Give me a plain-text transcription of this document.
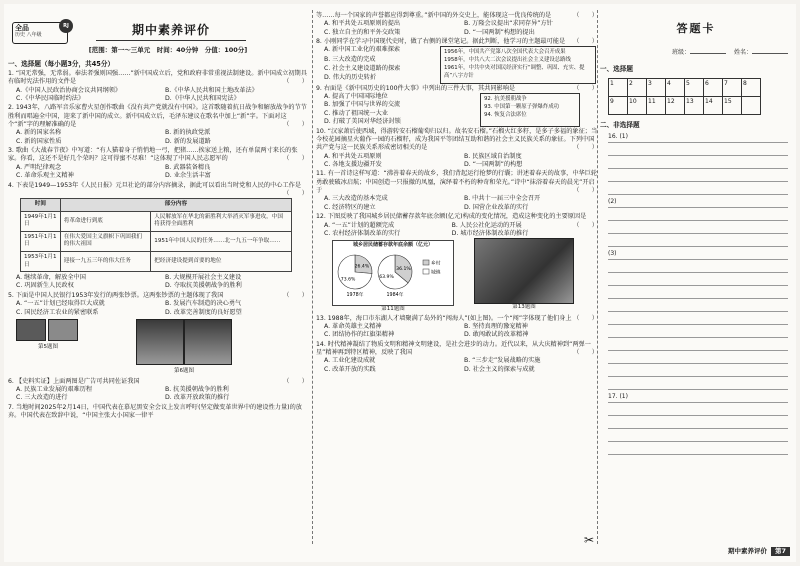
全品
历史 八年级
RJ	期中素养评价
[范围：第一～三单元　时间：40分钟　分值：100分]
一、选择题（每小题3分，共45分）
1. “国无常强，无常弱。奉法者强则国强……”新中国成立后，党和政府非常重视法制建设。新中国成立初期具有临时宪法作用的文件是	（　　）
A.《中国人民政治协商会议共同纲领》	B.《中华人民共和国土地改革法》
C.《中华民国临时约法》	D.《中华人民共和国宪法》
2. 1943年，八路军音乐家曹火星创作歌曲《没有共产党就没有中国》。这首歌随着抗日战争和解放战争的节节胜利而唱遍全中国，迎来了新中国的成立。新中国成立后，毛泽东建议在歌名中加上“新”字。下面对这个“新”字的理解准确的是	（　　）
A. 新的国家名称	B. 新的执政党派
C. 新的国家性质	D. 新的发展道路
3. 歌曲《大战春节夜》中写道：“有人猫着身子悄悄地一弓，把猪……挨家送上粮，还有单鼠两寸来长的张家。你看，这还不是好几个荣吗？这可得蜜不尽难！”这体现了中国人民志愿军的	（　　）
A. 严明纪律观念	B. 武器装备精良
C. 革命乐观主义精神	D. 业余生活丰富
4. 下表是1949—1953年《人民日报》元旦社论的部分内容摘录，据此可以看出当时党和人民的中心工作是
（　　）
时间	部分内容	
1949年1月1日	将革命进行到底	人民解放军在华北的新胜利大举消灭军事进攻，中国将获得全面胜利
1951年1月1日	在伟大爱国主义旗帜下巩固我们的伟大祖国	1951年中国人民的任务……北一九五一年争取……
1953年1月1日	迎接一九五三年的伟大任务	把经济建设提到首要的地位
A. 继续革命，解放全中国	B. 大规模开展社会主义建设
C. 巩固新生人民政权	D. 夺取抗美援朝战争的胜利
5. 下面是中国人民银行1953年发行的两张钞票。这两张钞票的主题体现了我国	（　　）
A. “一五”计划已经取得巨大成就	B. 发展汽车制造的决心勇气
C. 国民经济工农业的紧密联系	D. 改革完善制度的良好愿望
第5题图
第6题图
6. 【史料实证】上面两图是广告可共同佐证我国	（　　）
A. 民族工业发展的艰难历程	B. 抗美援朝战争的胜利
C. 三大改造的进行	D. 改革开放政策的推行
7. 当地时间2025年2月14日，中国代表在慕尼黑安全会议上发言呼吁(坚定做变革世界中的建设性力量)的放弃。中国代表在致辞中说，“中国主张大小国家一律平
等……每一个国家的声誉都应得到尊重。”新中国的外交史上，能体现这一优良传统的是	（　　）
A. 和平共处五项原则的提出	B. 万隆会议提出“求同存异”方针
C. 独立自主的和平外交政策	D. “一国两制”构想的提出
8. 小刚同学在学习中国现代史时，做了右侧的课堂笔记。据此判断，他学习的主题最可能是 （　　）
A. 新中国工业化的艰难探索
B. 三大改造的完成
C. 社会主义建设道路的探索
D. 伟大的历史转折
1956年，中国共产党第八次全国代表大会召开成果
1958年，中共八大二次会议提出社会主义建设总路线
1961年，中共中央对国民经济实行“调整、巩固、充实、提高”八字方针
9. 右面是《新中国历史的100件大事》中列出的三件大事，其共同影响是	（　　）
A. 提高了中国国际地位
B. 加强了中国与世界的交流
C. 推动了祖国统一大业
D. 打破了美国对华经济封锁
92. 抗美援朝战争
93. 中国第一颗原子弹爆炸成功
94. 恢复合法席位
10. “汉家萧后使西域，得游转安石榴葡萄归以归。故名安石榴。”石榴火红多籽，是多子多福的象征；当今校花园摘星火葡作一园的石榴籽，成为我国平等团结互助和谐的社会主义民族关系的象征。下列中国共产党与这一民族关系形成密切相关的是	（　　）
A. 和平共处五项原则	B. 民族区域自治制度
C. 各地支援边疆开发	D. “一国两制”的构想
11. 有一首诗这样写道：“沸善着春天的故乡，我们背起运行抢梦的行囊；讲述着春天的故事，中华巨轮勇敢驶破冰启航；中国创造一只报撤的凤凰，演绎着不朽的种奇和荣光。”诗中“抹浴着春天的晨光”开启于	（　　）
A. 三大改造的基本完成	B. 中共十一届三中全会召开
C. 经济特区的建立	D. 国营企业改革的实行
12. 下图反映了我国城乡居民储蓄存款年底余额(亿元)构成的变化情况，造成这种变化的主要原因是
（　　）
A. “一五”计划的超额完成	B. 人民公社化运动的开展
C. 农村经济体制改革的实行	D. 城市经济体制改革的推行
城乡居民储蓄存款年底余额（亿元）
26.4%
73.6%
1978年
36.1%
63.9%
1984年
乡村
城镇
第11题图	第13题图
13. 1988年，海口市东湖人才墙聚满了岛外的“闯海人”(如上图)。一个“闯”字体现了他们身上 （　　）
A. 革命英雄主义精神	B. 坚持真理的豫宠精神
C. 团结协作的红旗渠精神	D. 敢闯敢试的改革精神
14. 时代精神凝结了物质文明和精神文明建设，是社会进步的动力。近代以来，从大庆精神到“两弹一星”精神再到特区精神，反映了我国	（　　）
A. 工业化建设成就	B. “三步走”发展战略的实施
C. 改革开放的实践	D. 社会主义的探索与成就
✂
答题卡
班级：	姓名：
一、选择题
1	2	3	4	5	6	7	8
9	10	11	12	13	14	15	
二、非选择题
16. (1)
(2)
(3)
17. (1)
期中素养评价 第7
